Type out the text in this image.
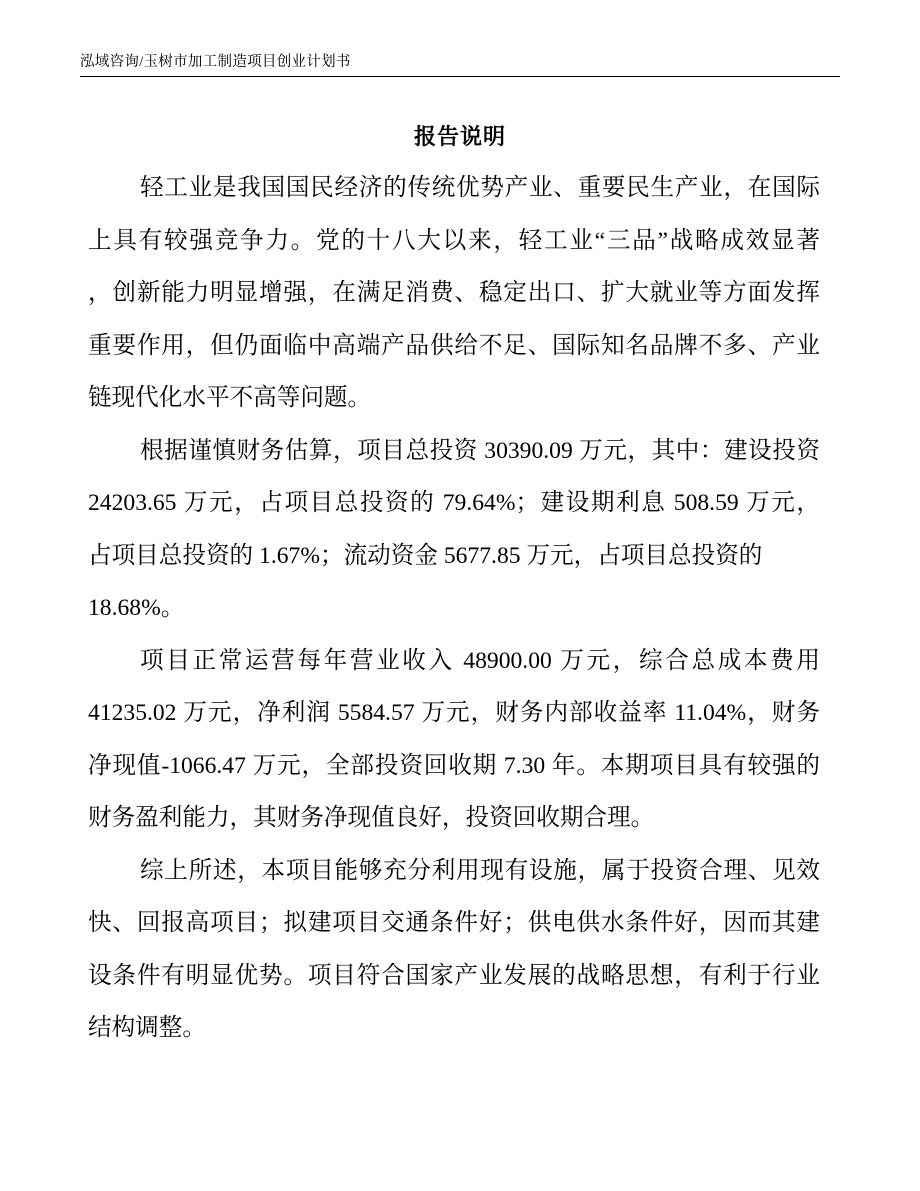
泓域咨询/玉树市加工制造项目创业计划书
报告说明
轻工业是我国国民经济的传统优势产业、重要民生产业，在国际
上具有较强竞争力。党的十八大以来，轻工业“三品”战略成效显著
，创新能力明显增强，在满足消费、稳定出口、扩大就业等方面发挥
重要作用，但仍面临中高端产品供给不足、国际知名品牌不多、产业
链现代化水平不高等问题。
根据谨慎财务估算，项目总投资 30390.09 万元，其中：建设投资
24203.65 万元，占项目总投资的 79.64%；建设期利息 508.59 万元，
占项目总投资的 1.67%；流动资金 5677.85 万元，占项目总投资的
18.68%。
项目正常运营每年营业收入 48900.00 万元，综合总成本费用
41235.02 万元，净利润 5584.57 万元，财务内部收益率 11.04%，财务
净现值-1066.47 万元，全部投资回收期 7.30 年。本期项目具有较强的
财务盈利能力，其财务净现值良好，投资回收期合理。
综上所述，本项目能够充分利用现有设施，属于投资合理、见效
快、回报高项目；拟建项目交通条件好；供电供水条件好，因而其建
设条件有明显优势。项目符合国家产业发展的战略思想，有利于行业
结构调整。
